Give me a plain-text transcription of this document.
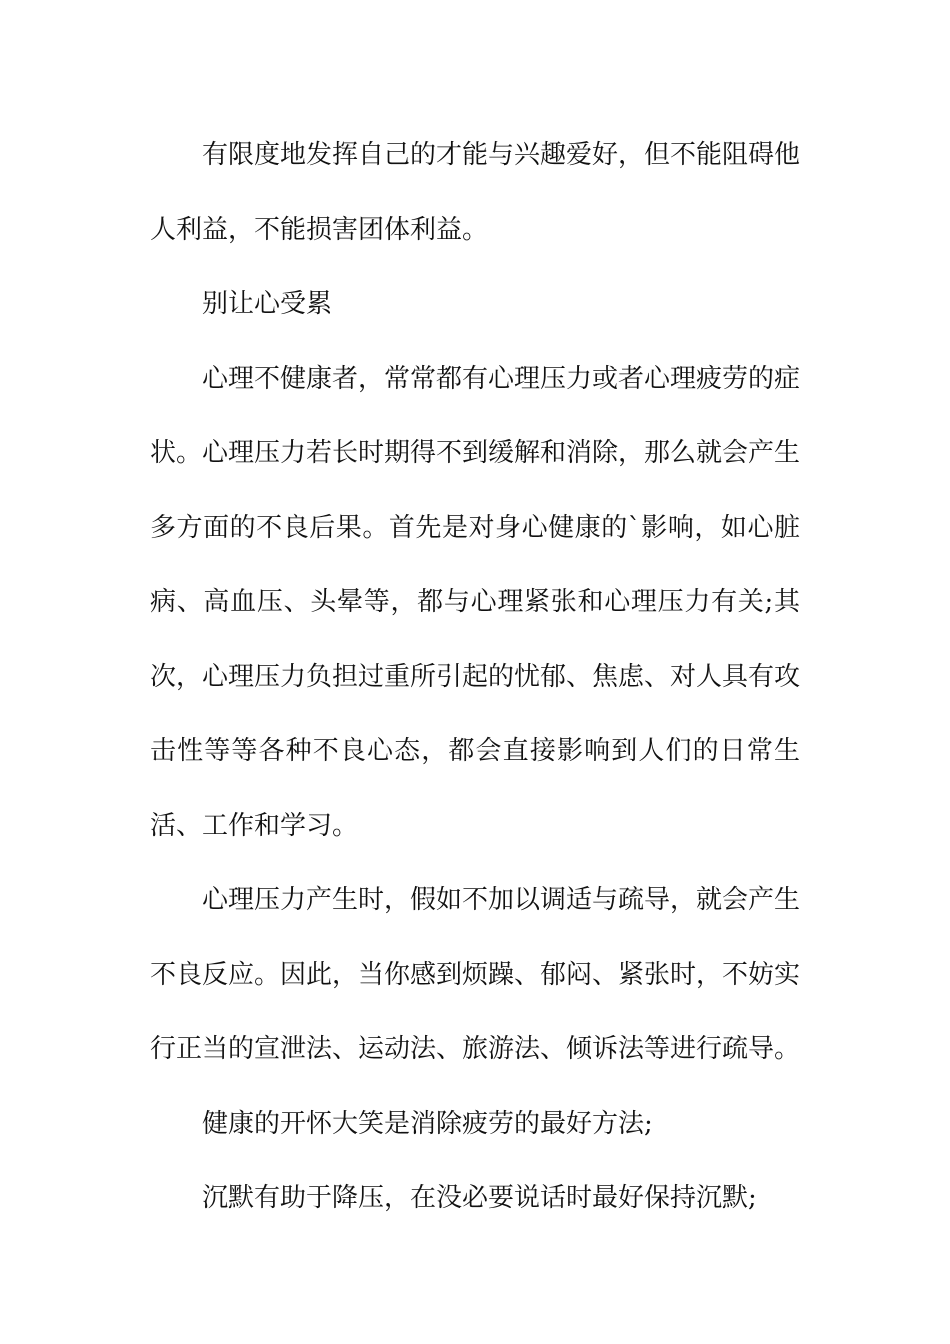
有限度地发挥自己的才能与兴趣爱好，但不能阻碍他人利益，不能损害团体利益。

别让心受累

心理不健康者，常常都有心理压力或者心理疲劳的症状。心理压力若长时期得不到缓解和消除，那么就会产生多方面的不良后果。首先是对身心健康的`影响，如心脏病、高血压、头晕等，都与心理紧张和心理压力有关;其次，心理压力负担过重所引起的忧郁、焦虑、对人具有攻击性等等各种不良心态，都会直接影响到人们的日常生活、工作和学习。

心理压力产生时，假如不加以调适与疏导，就会产生不良反应。因此，当你感到烦躁、郁闷、紧张时，不妨实行正当的宣泄法、运动法、旅游法、倾诉法等进行疏导。

健康的开怀大笑是消除疲劳的最好方法;

沉默有助于降压，在没必要说话时最好保持沉默;
